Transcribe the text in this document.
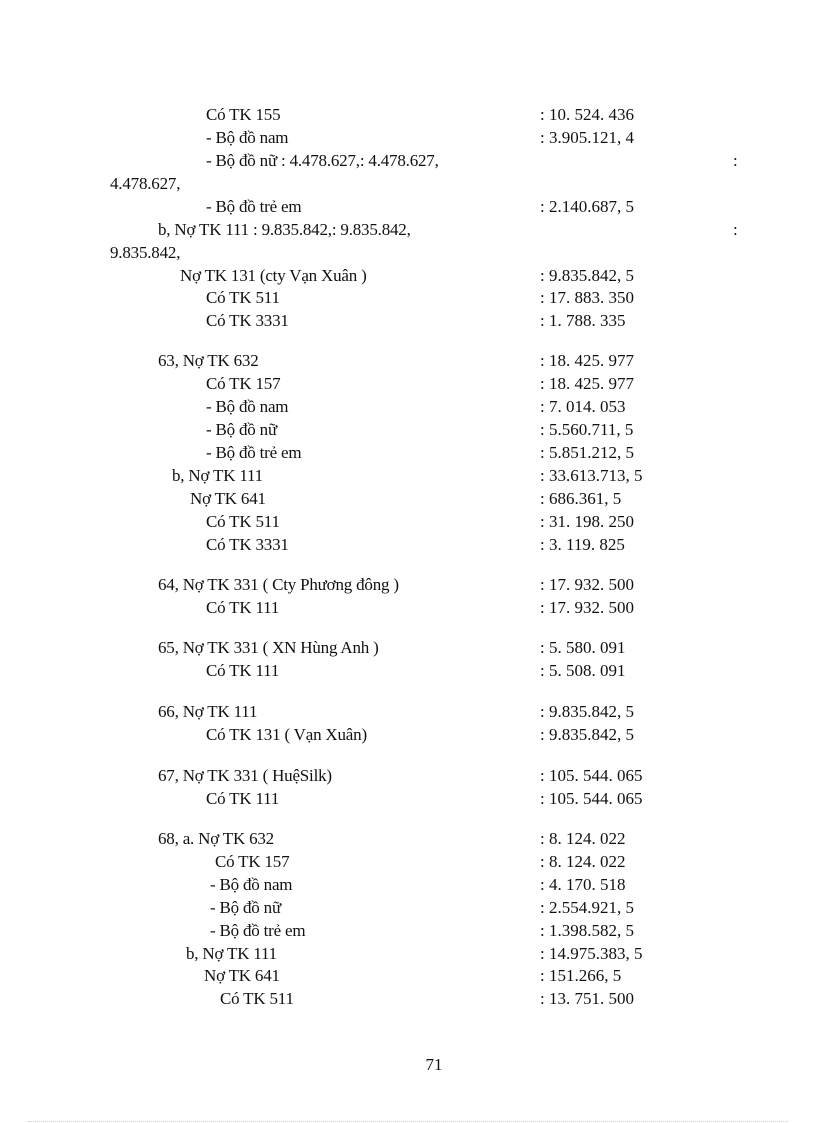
Có TK 155	: 10. 524. 436
- Bộ đồ nam	: 3.905.121, 4
- Bộ đồ nữ : 4.478.627,: 4.478.627,	:
4.478.627,
- Bộ đồ trẻ em	: 2.140.687, 5
b, Nợ TK 111 : 9.835.842,: 9.835.842,	:
9.835.842,
Nợ TK 131 (cty Vạn Xuân )	: 9.835.842, 5
Có TK 511	: 17. 883. 350
Có TK 3331	: 1. 788. 335
63, Nợ TK 632	: 18. 425. 977
Có TK 157	: 18. 425. 977
- Bộ đồ nam	: 7. 014. 053
- Bộ đồ nữ	: 5.560.711, 5
- Bộ đồ trẻ em	: 5.851.212, 5
b, Nợ TK 111	: 33.613.713, 5
Nợ TK 641	: 686.361, 5
Có TK 511	: 31. 198. 250
Có TK 3331	: 3. 119. 825
64, Nợ TK 331 ( Cty Phương đông )	: 17. 932. 500
Có TK 111	: 17. 932. 500
65, Nợ TK 331 ( XN Hùng Anh )	: 5. 580. 091
Có TK 111	: 5. 508. 091
66, Nợ TK 111	: 9.835.842, 5
Có TK 131 ( Vạn Xuân)	: 9.835.842, 5
67, Nợ TK 331 ( HuệSilk)	: 105. 544. 065
Có TK 111	: 105. 544. 065
68, a. Nợ TK 632	: 8. 124. 022
Có TK 157	: 8. 124. 022
- Bộ đồ nam	: 4. 170. 518
- Bộ đồ nữ	: 2.554.921, 5
- Bộ đồ trẻ em	: 1.398.582, 5
b, Nợ TK 111	: 14.975.383, 5
Nợ TK 641	: 151.266, 5
Có TK 511	: 13. 751. 500
71
